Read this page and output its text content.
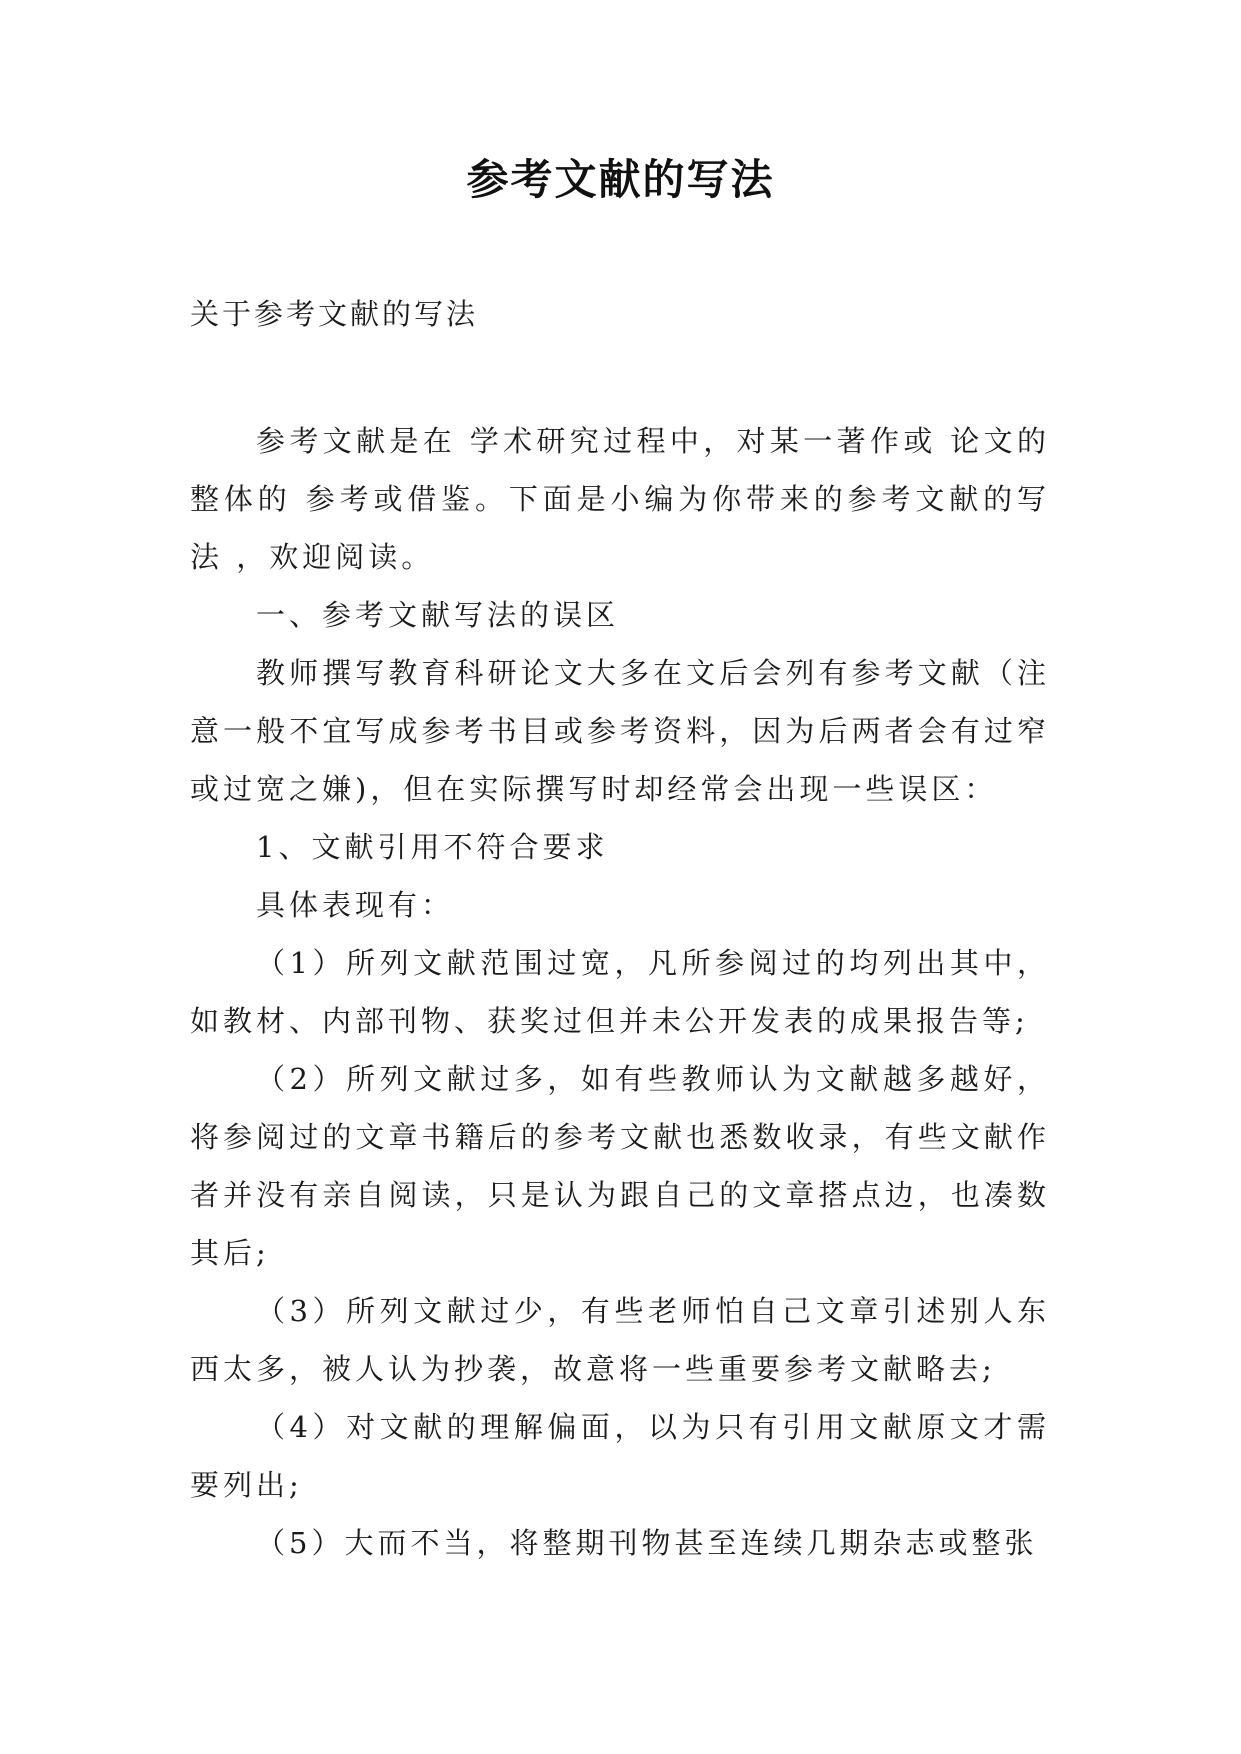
参考文献的写法
关于参考文献的写法

参考文献是在 学术研究过程中，对某一著作或 论文的整体的 参考或借鉴。下面是小编为你带来的参考文献的写法 ，欢迎阅读。

一、参考文献写法的误区

教师撰写教育科研论文大多在文后会列有参考文献（注意一般不宜写成参考书目或参考资料，因为后两者会有过窄或过宽之嫌)，但在实际撰写时却经常会出现一些误区：

1、文献引用不符合要求

具体表现有：

（1）所列文献范围过宽，凡所参阅过的均列出其中，如教材、内部刊物、获奖过但并未公开发表的成果报告等;

（2）所列文献过多，如有些教师认为文献越多越好，将参阅过的文章书籍后的参考文献也悉数收录，有些文献作者并没有亲自阅读，只是认为跟自己的文章搭点边，也凑数其后;

（3）所列文献过少，有些老师怕自己文章引述别人东西太多，被人认为抄袭，故意将一些重要参考文献略去;

（4）对文献的理解偏面，以为只有引用文献原文才需要列出;

（5）大而不当，将整期刊物甚至连续几期杂志或整张
